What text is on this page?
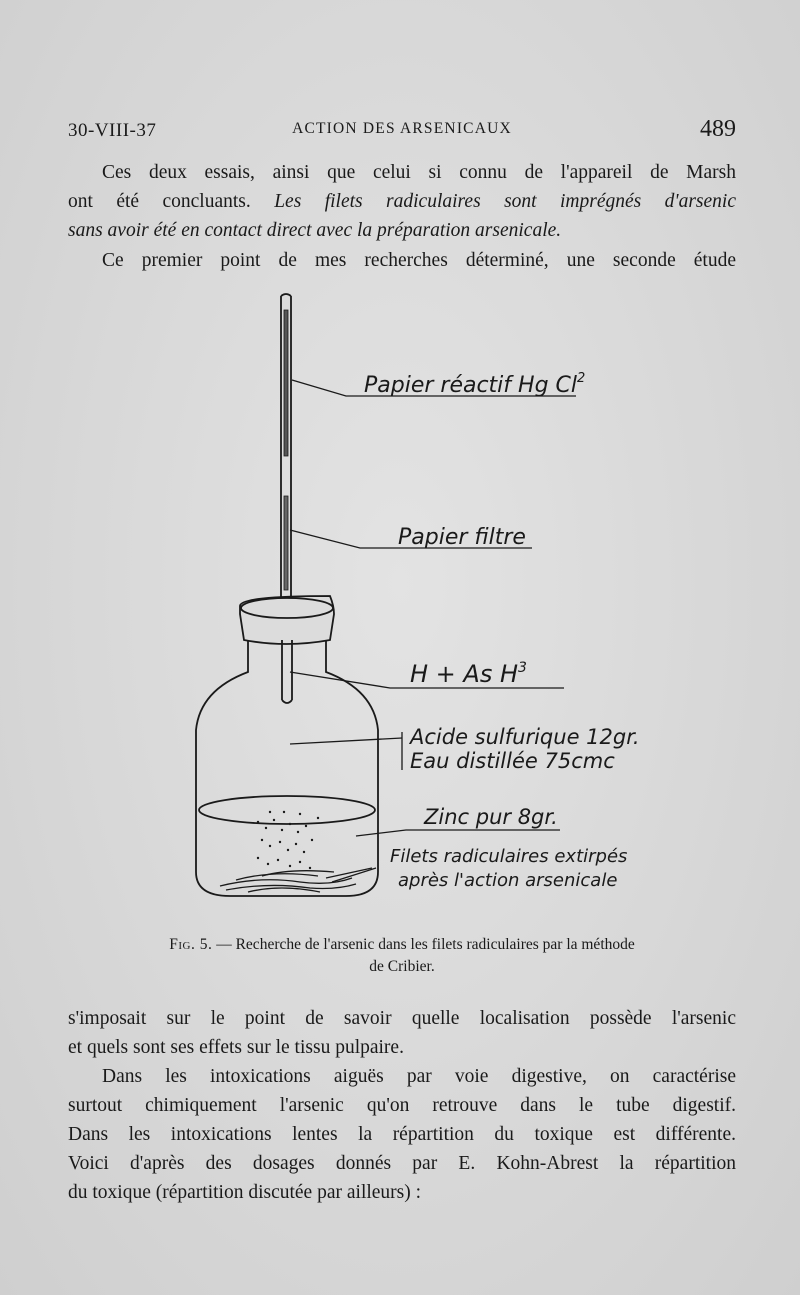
30-VIII-37	ACTION DES ARSENICAUX	489
Ces deux essais, ainsi que celui si connu de l'appareil de Marsh
ont été concluants. Les filets radiculaires sont imprégnés d'arsenic
sans avoir été en contact direct avec la préparation arsenicale.
Ce premier point de mes recherches déterminé, une seconde étude
Papier réactif Hg Cl$^2$
Papier filtre
H + As $H^3$
Acide sulfurique 12gr.
Eau distillée 75cmc
Zinc pur 8gr.
Filets radiculaires extirpés
après l'action arsenicale
Fig. 5. — Recherche de l'arsenic dans les filets radiculaires par la méthode
de Cribier.
s'imposait sur le point de savoir quelle localisation possède l'arsenic
et quels sont ses effets sur le tissu pulpaire.
Dans les intoxications aiguës par voie digestive, on caractérise
surtout chimiquement l'arsenic qu'on retrouve dans le tube digestif.
Dans les intoxications lentes la répartition du toxique est différente.
Voici d'après des dosages donnés par E. Kohn-Abrest la répartition
du toxique (répartition discutée par ailleurs) :
